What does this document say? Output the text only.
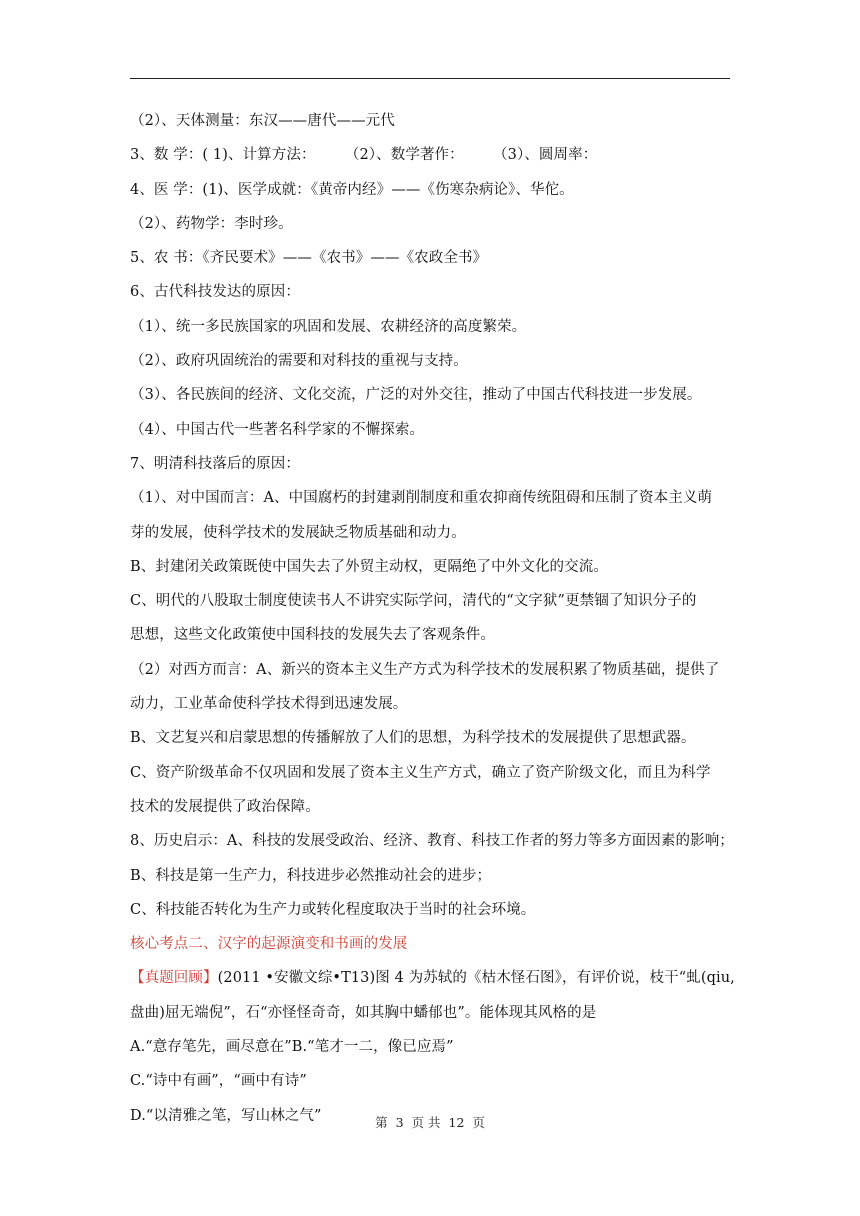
（2）、天体测量：东汉——唐代——元代
3、数 学：( 1)、计算方法：　　　（2）、数学著作：　　　（3）、圆周率：
4、医 学：(1)、医学成就：《黄帝内经》——《伤寒杂病论》、华佗。
（2）、药物学：李时珍。
5、农 书：《齐民要术》——《农书》——《农政全书》
6、古代科技发达的原因：
（1）、统一多民族国家的巩固和发展、农耕经济的高度繁荣。
（2）、政府巩固统治的需要和对科技的重视与支持。
（3）、各民族间的经济、文化交流，广泛的对外交往，推动了中国古代科技进一步发展。
（4）、中国古代一些著名科学家的不懈探索。
7、明清科技落后的原因：
（1）、对中国而言：A、中国腐朽的封建剥削制度和重农抑商传统阻碍和压制了资本主义萌
芽的发展，使科学技术的发展缺乏物质基础和动力。
B、封建闭关政策既使中国失去了外贸主动权，更隔绝了中外文化的交流。
C、明代的八股取士制度使读书人不讲究实际学问，清代的“文字狱”更禁锢了知识分子的
思想，这些文化政策使中国科技的发展失去了客观条件。
（2）对西方而言：A、新兴的资本主义生产方式为科学技术的发展积累了物质基础，提供了
动力，工业革命使科学技术得到迅速发展。
B、文艺复兴和启蒙思想的传播解放了人们的思想，为科学技术的发展提供了思想武器。
C、资产阶级革命不仅巩固和发展了资本主义生产方式，确立了资产阶级文化，而且为科学
技术的发展提供了政治保障。
8、历史启示：A、科技的发展受政治、经济、教育、科技工作者的努力等多方面因素的影响；
B、科技是第一生产力，科技进步必然推动社会的进步；
C、科技能否转化为生产力或转化程度取决于当时的社会环境。
核心考点二、汉字的起源演变和书画的发展
【真题回顾】(2011 •安徽文综•T13)图 4 为苏轼的《枯木怪石图》，有评价说，枝干“虬(qiu,
盘曲)屈无端倪”，石“亦怪怪奇奇，如其胸中蟠郁也”。能体现其风格的是
A.“意存笔先，画尽意在”B.“笔才一二，像已应焉”
C.“诗中有画”，“画中有诗”
D.“以清雅之笔，写山林之气”	第 3 页 共 12 页
